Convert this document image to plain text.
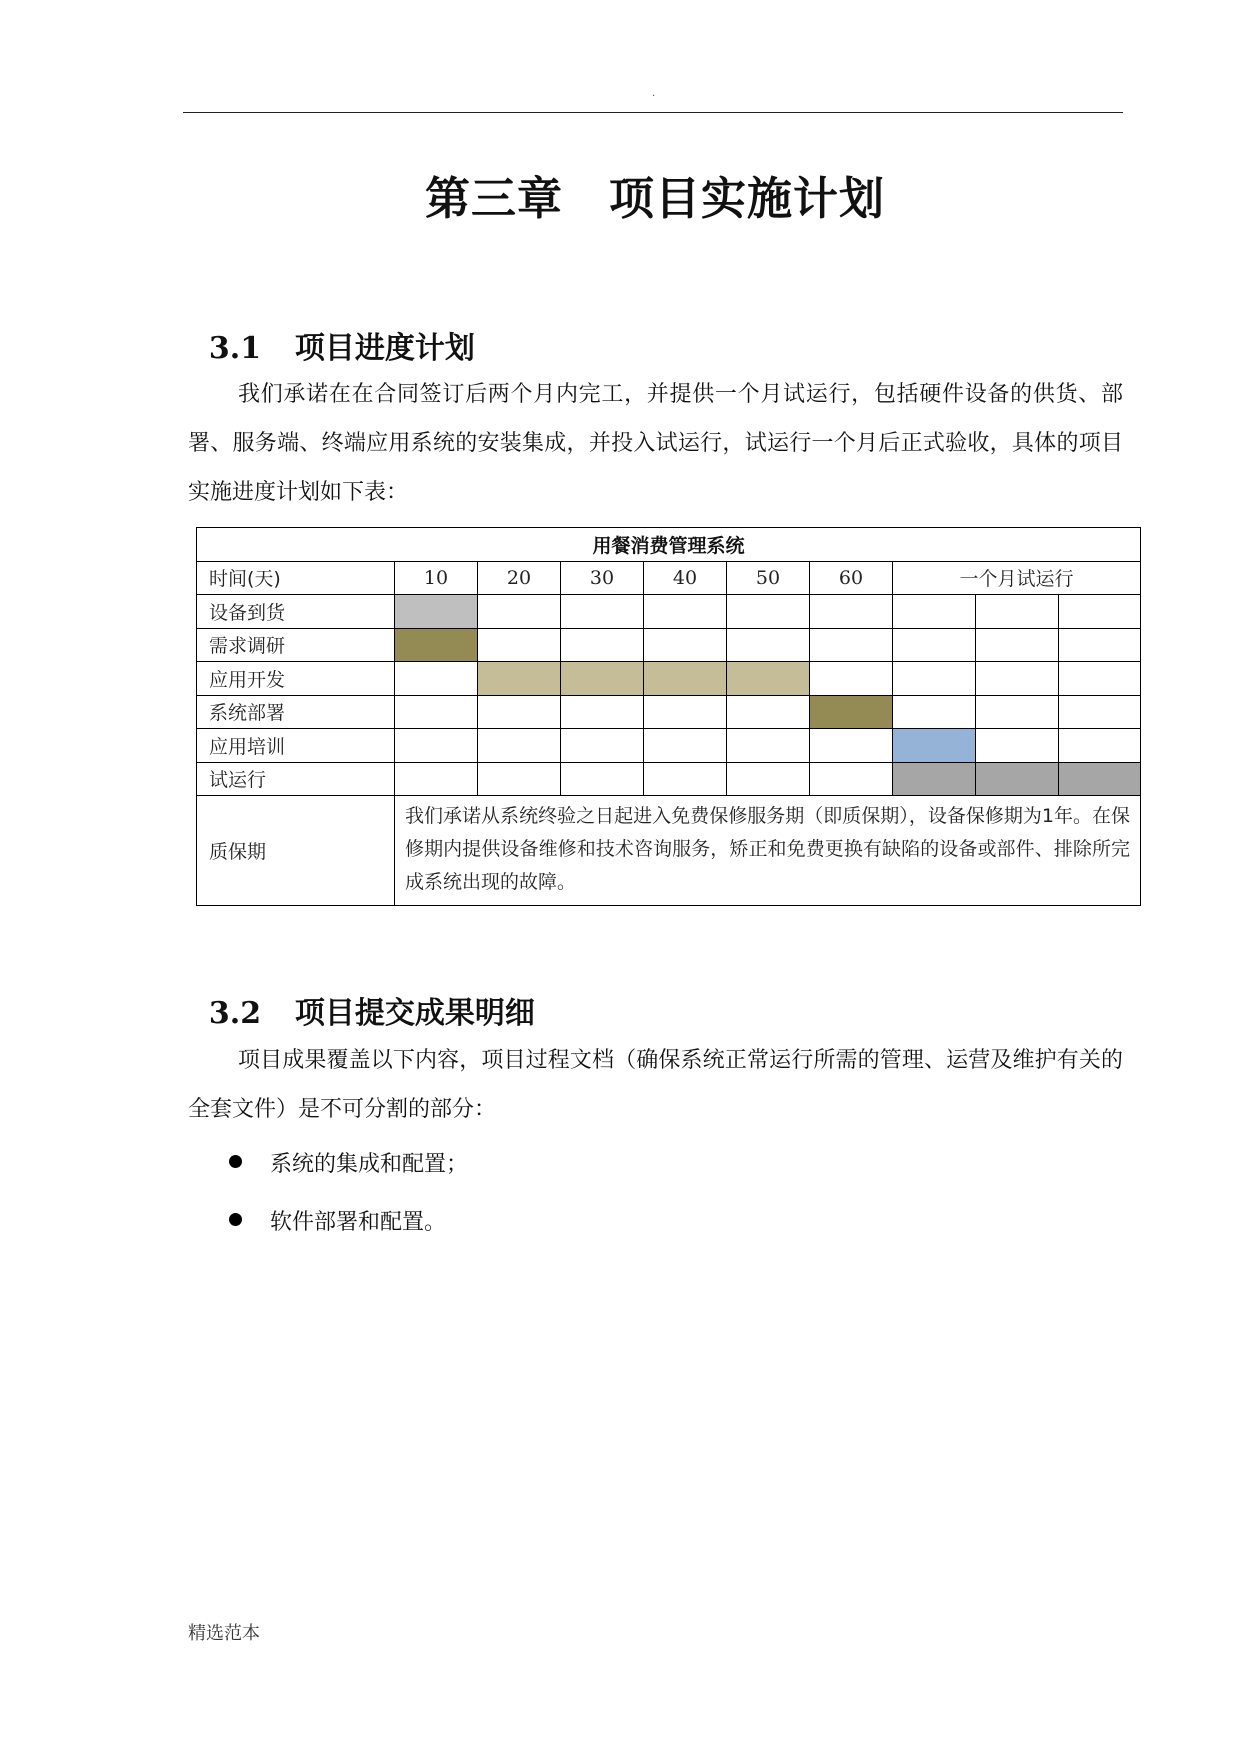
.
第三章　项目实施计划

3.1 项目进度计划

我们承诺在在合同签订后两个月内完工，并提供一个月试运行，包括硬件设备的供货、部署、服务端、终端应用系统的安装集成，并投入试运行，试运行一个月后正式验收，具体的项目实施进度计划如下表：

用餐消费管理系统									
时间(天)	10	20	30	40	50	60	一个月试运行		
设备到货									
需求调研									
应用开发									
系统部署									
应用培训									
试运行									
质保期	我们承诺从系统终验之日起进入免费保修服务期（即质保期），设备保修期为1年。在保修期内提供设备维修和技术咨询服务，矫正和免费更换有缺陷的设备或部件、排除所完成系统出现的故障。								

3.2 项目提交成果明细

项目成果覆盖以下内容，项目过程文档（确保系统正常运行所需的管理、运营及维护有关的全套文件）是不可分割的部分：

系统的集成和配置；
软件部署和配置。
精选范本
